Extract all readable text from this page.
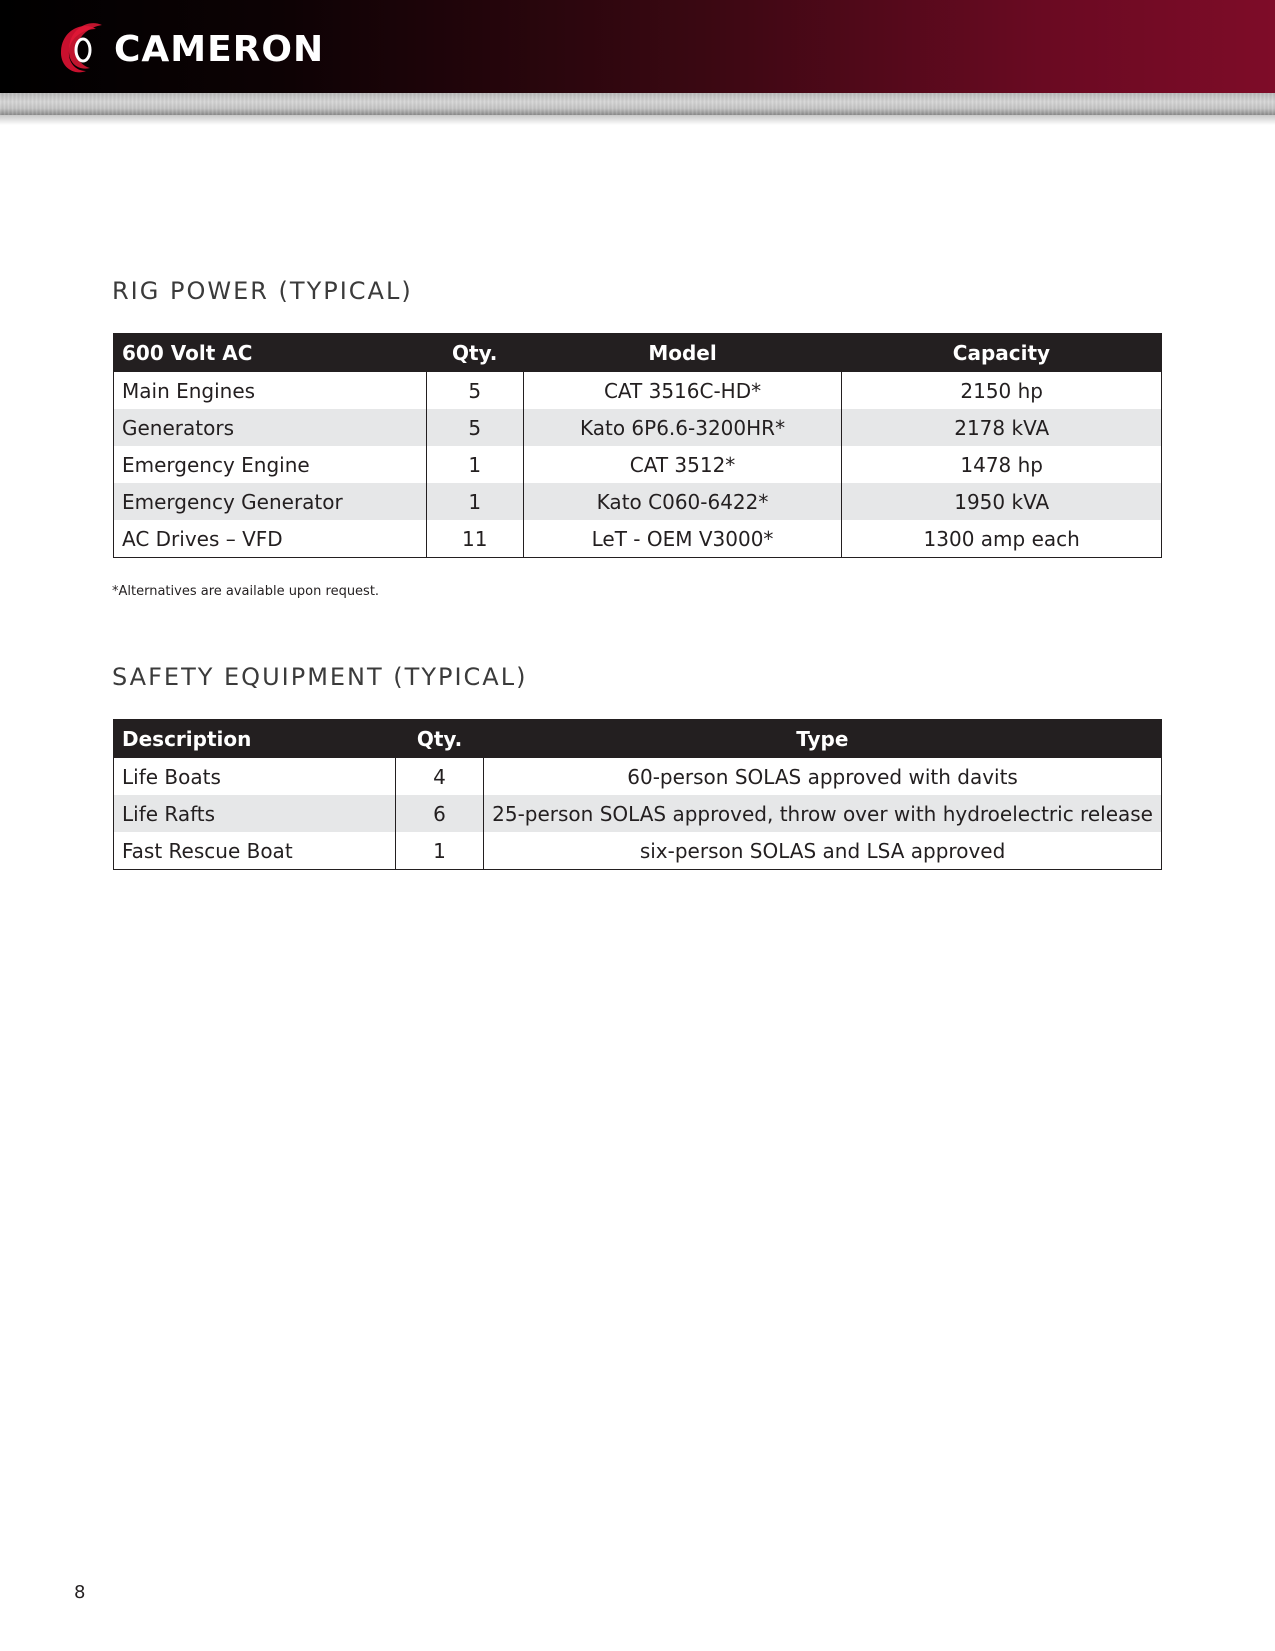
CAMERON
RIG POWER (TYPICAL)
600 Volt AC	Qty.	Model	Capacity
Main Engines	5	CAT 3516C-HD*	2150 hp
Generators	5	Kato 6P6.6-3200HR*	2178 kVA
Emergency Engine	1	CAT 3512*	1478 hp
Emergency Generator	1	Kato C060-6422*	1950 kVA
AC Drives – VFD	11	LeT - OEM V3000*	1300 amp each
*Alternatives are available upon request.
SAFETY EQUIPMENT (TYPICAL)
Description	Qty.	Type
Life Boats	4	60-person SOLAS approved with davits
Life Rafts	6	25-person SOLAS approved, throw over with hydroelectric release
Fast Rescue Boat	1	six-person SOLAS and LSA approved
8
